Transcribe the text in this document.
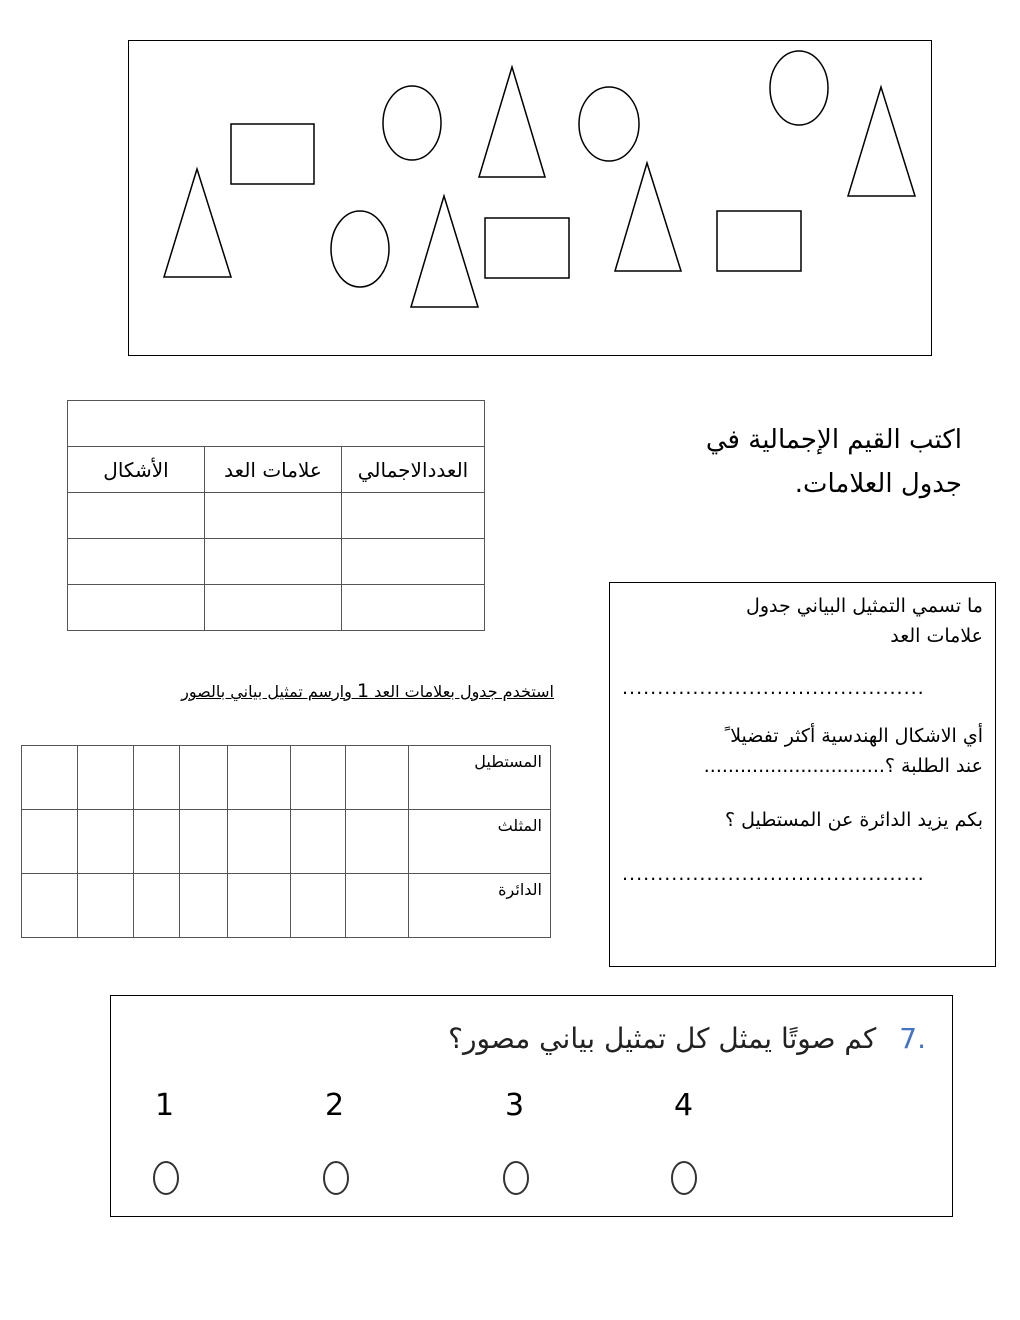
الأشكال	علامات العد	العددالاجمالي

اكتب القيم الإجمالية في
جدول العلامات.
استخدم جدول بعلامات العد 1 وارسم تمثيل بياني بالصور
							المستطيل
							المثلث
							الدائرة
ما تسمي التمثيل البياني جدول
علامات العد
...........................................
أي الاشكال الهندسية أكثر تفضيلا ً
عند الطلبة ؟..............................
بكم يزيد الدائرة عن المستطيل ؟
...........................................
7. كم صوتًا يمثل كل تمثيل بياني مصور؟
1	2	3	4
